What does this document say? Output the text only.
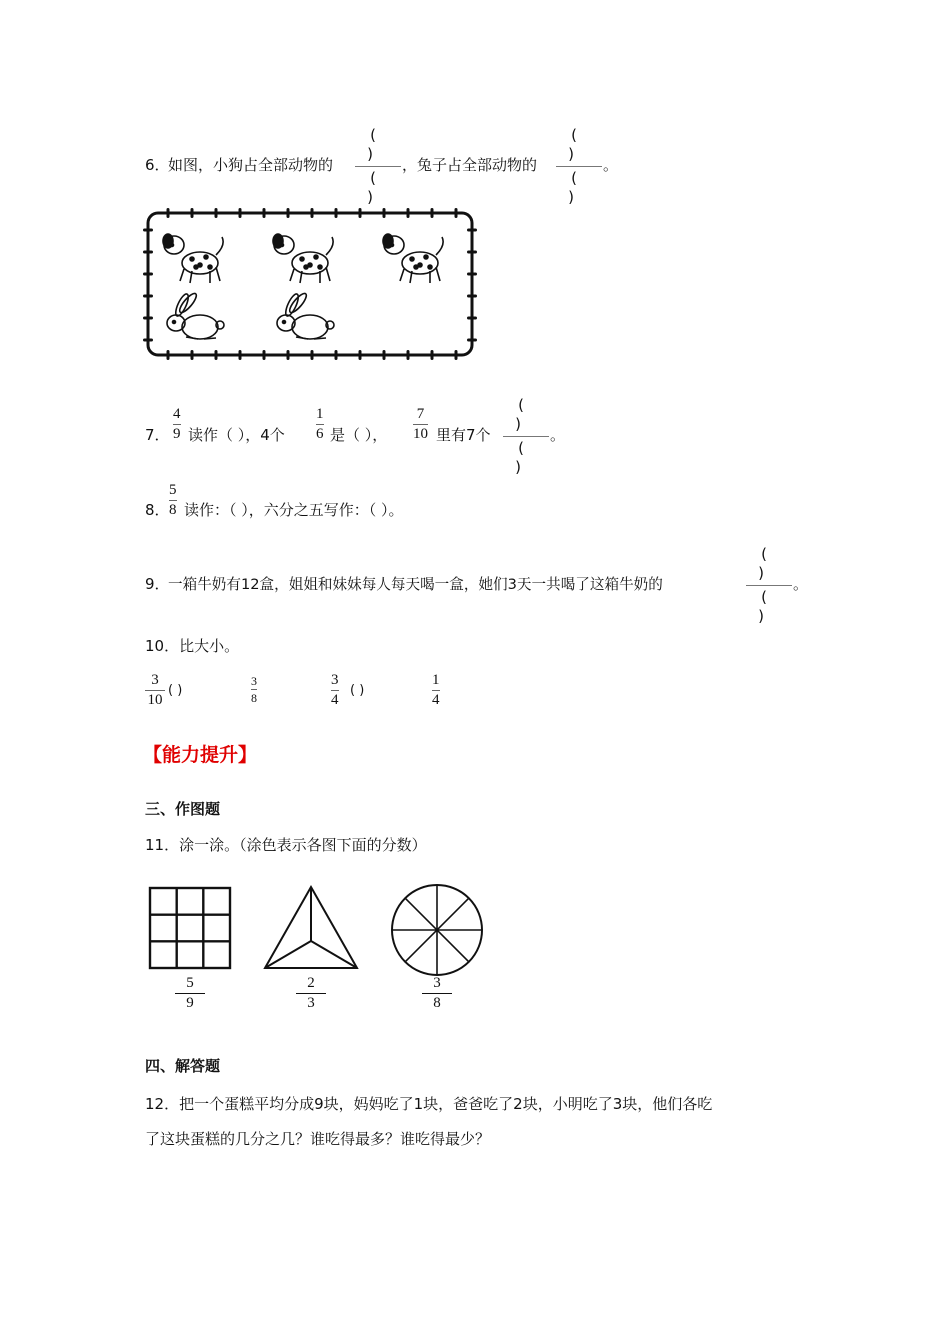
6．
如图，小狗占全部动物的
( )
( )
，兔子占全部动物的
( )
( )
。
7．
4
9 读作（ ），4个
1
6 是（ ），
7
10 里有7个
( )
( )
。
8．
5
8 读作：（ ），六分之五写作：（ ）。
9．
一箱牛奶有12盒，姐姐和妹妹每人每天喝一盒，她们3天一共喝了这箱牛奶的
( )
( )
。
10．比大小。
3
10
( )
3
8
3
4
( )
1
4
【能力提升】
三、作图题
11．涂一涂。（涂色表示各图下面的分数）
5
9
2
3
3
8
四、解答题
12．把一个蛋糕平均分成9块，妈妈吃了1块，爸爸吃了2块，小明吃了3块，他们各吃
了这块蛋糕的几分之几？谁吃得最多？谁吃得最少？
